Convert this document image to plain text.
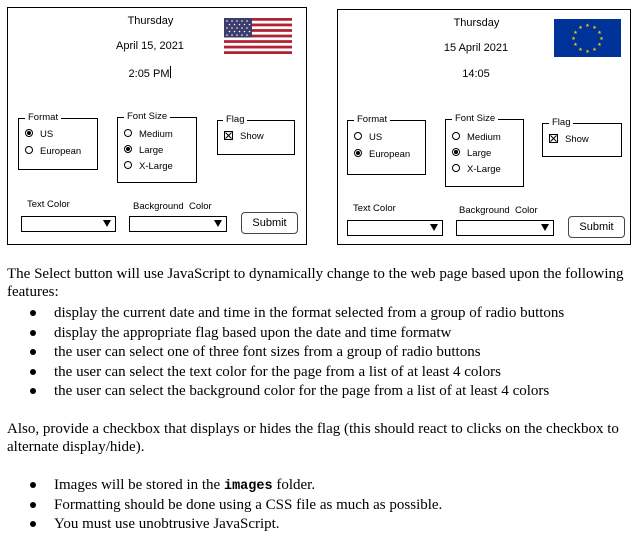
Thursday
April 15, 2021
2:05 PM
Format
US
European
Font Size
Medium
Large
X-Large
Flag
Show
Text Color	Background  Color
Submit
Thursday
15 April 2021
14:05
★ ★
★
★
★
★
★
★
★
★
★
★
Format
US
European
Font Size
Medium
Large
X-Large
Flag
Show
Text Color	Background  Color
Submit
The Select button will use JavaScript to dynamically change to the web page based upon the following features:
display the current date and time in the format selected from a group of radio buttons
display the appropriate flag based upon the date and time formatw
the user can select one of three font sizes from a group of radio buttons
the user can select the text color for the page from a list of at least 4 colors
the user can select the background color for the page from a list of at least 4 colors
Also, provide a checkbox that displays or hides the flag (this should react to clicks on the checkbox to alternate display/hide).
Images will be stored in the images folder.
Formatting should be done using a CSS file as much as possible.
You must use unobtrusive JavaScript.
